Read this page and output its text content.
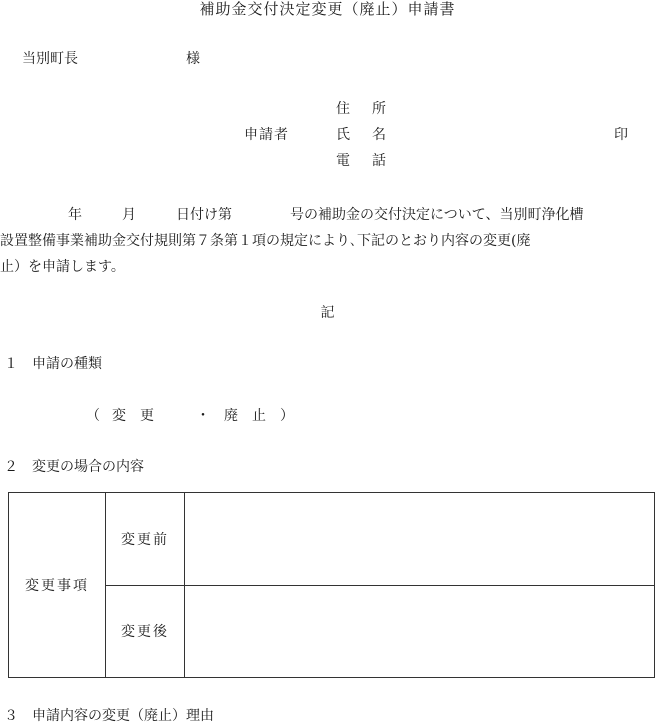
補助金交付決定変更（廃止）申請書
当別町長	様
住所
申請者	氏名	印
電話
年	月	日付け第	号の補助金の交付決定について、当別町浄化槽
設置整備事業補助金交付規則第７条第１項の規定により､下記のとおり内容の変更(廃
止）を申請します。
記
１　申請の種類
（ 変　更	・ 廃　止 ）
２　変更の場合の内容
変更事項	変更前	
	変更後	
３　申請内容の変更（廃止）理由
